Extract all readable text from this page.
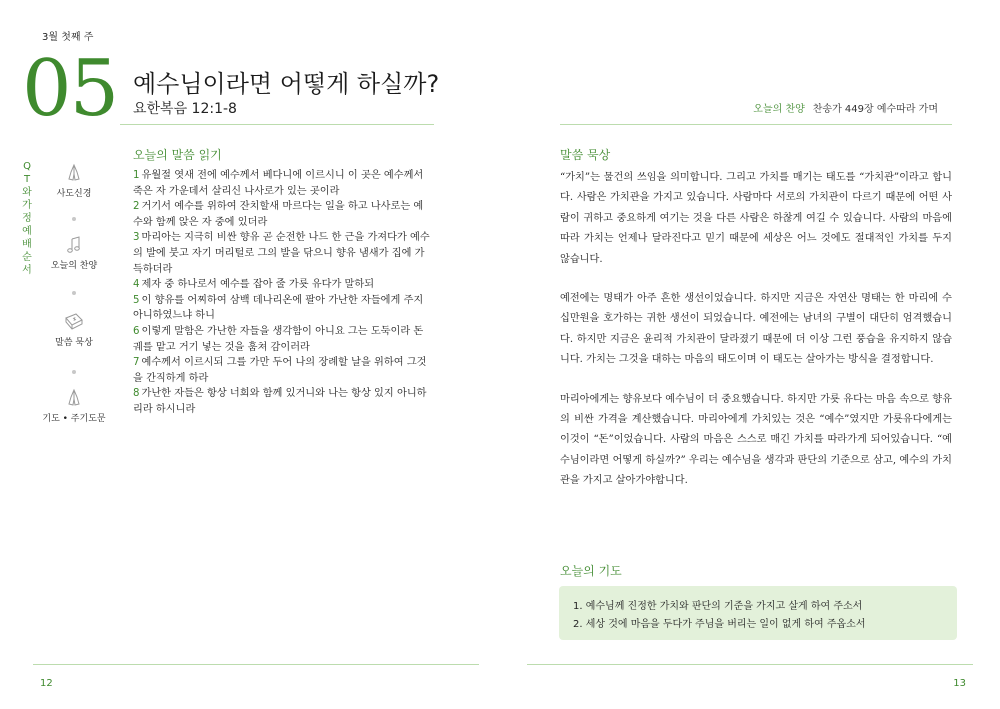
3월 첫째 주
05 예수님이라면 어떻게 하실까?
요한복음 12:1-8	오늘의 찬양 찬송가 449장 예수따라 가며
QT와 가정예배 순서
사도신경
오늘의 찬양
말씀 묵상
기도 • 주기도문
오늘의 말씀 읽기

1 유월절 엿새 전에 예수께서 베다니에 이르시니 이 곳은 예수께서 죽은 자 가운데서 살리신 나사로가 있는 곳이라

2 거기서 예수를 위하여 잔치할새 마르다는 일을 하고 나사로는 예수와 함께 앉은 자 중에 있더라

3 마리아는 지극히 비싼 향유 곧 순전한 나드 한 근을 가져다가 예수의 발에 붓고 자기 머리털로 그의 발을 닦으니 향유 냄새가 집에 가득하더라

4 제자 중 하나로서 예수를 잡아 줄 가룟 유다가 말하되

5 이 향유를 어찌하여 삼백 데나리온에 팔아 가난한 자들에게 주지 아니하였느냐 하니

6 이렇게 말함은 가난한 자들을 생각함이 아니요 그는 도둑이라 돈궤를 맡고 거기 넣는 것을 훔쳐 감이러라

7 예수께서 이르시되 그를 가만 두어 나의 장례할 날을 위하여 그것을 간직하게 하라

8 가난한 자들은 항상 너희와 함께 있거니와 나는 항상 있지 아니하리라 하시니라

말씀 묵상

“가치”는 물건의 쓰임을 의미합니다. 그리고 가치를 매기는 태도를 “가치관”이라고 합니다. 사람은 가치관을 가지고 있습니다. 사람마다 서로의 가치관이 다르기 때문에 어떤 사람이 귀하고 중요하게 여기는 것을 다른 사람은 하찮게 여길 수 있습니다. 사람의 마음에 따라 가치는 언제나 달라진다고 믿기 때문에 세상은 어느 것에도 절대적인 가치를 두지 않습니다.

예전에는 명태가 아주 흔한 생선이었습니다. 하지만 지금은 자연산 명태는 한 마리에 수 십만원을 호가하는 귀한 생선이 되었습니다. 예전에는 남녀의 구별이 대단히 엄격했습니다. 하지만 지금은 윤리적 가치관이 달라졌기 때문에 더 이상 그런 풍습을 유지하지 않습니다. 가치는 그것을 대하는 마음의 태도이며 이 태도는 살아가는 방식을 결정합니다.

마리아에게는 향유보다 예수님이 더 중요했습니다. 하지만 가룟 유다는 마음 속으로 향유의 비싼 가격을 계산했습니다. 마리아에게 가치있는 것은 “예수”였지만 가룟유다에게는 이것이 “돈”이었습니다. 사람의 마음은 스스로 매긴 가치를 따라가게 되어있습니다. “예수님이라면 어떻게 하실까?” 우리는 예수님을 생각과 판단의 기준으로 삼고, 예수의 가치관을 가지고 살아가야합니다.

오늘의 기도
1. 예수님께 진정한 가치와 판단의 기준을 가지고 살게 하여 주소서
2. 세상 것에 마음을 두다가 주님을 버리는 일이 없게 하여 주옵소서
12	13
